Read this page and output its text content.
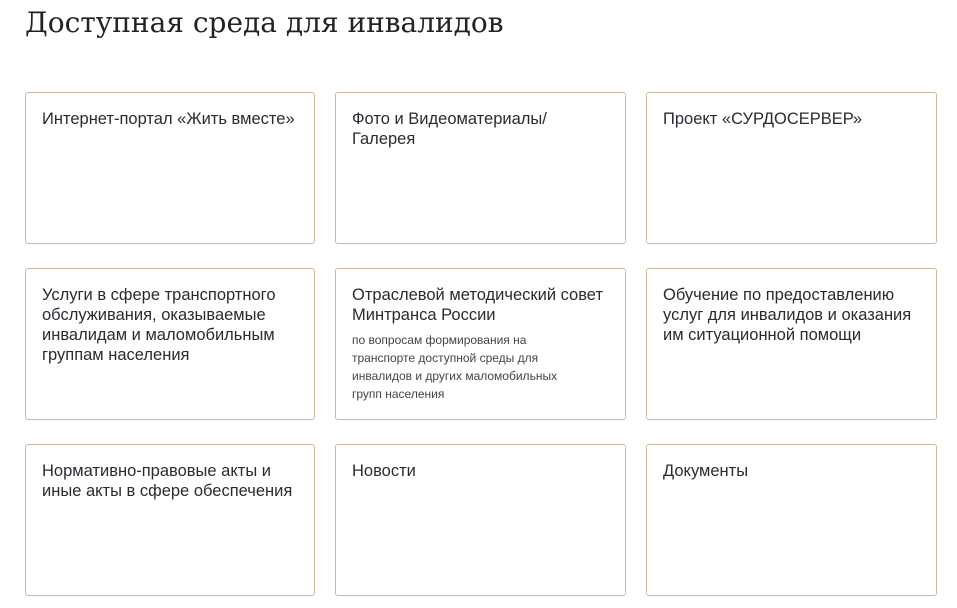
Доступная среда для инвалидов
Интернет-портал «Жить вместе»	Фото и Видеоматериалы/ Галерея
Проект «СУРДОСЕРВЕР»
Услуги в сфере транспортного обслуживания, оказываемые инвалидам и маломобильным группам населения
Отраслевой методический совет Минтранса России
по вопросам формирования на транспорте доступной среды для инвалидов и других маломобильных групп населения
Обучение по предоставлению услуг для инвалидов и оказания им ситуационной помощи
Нормативно-правовые акты и иные акты в сфере обеспечения
Новости	Документы
